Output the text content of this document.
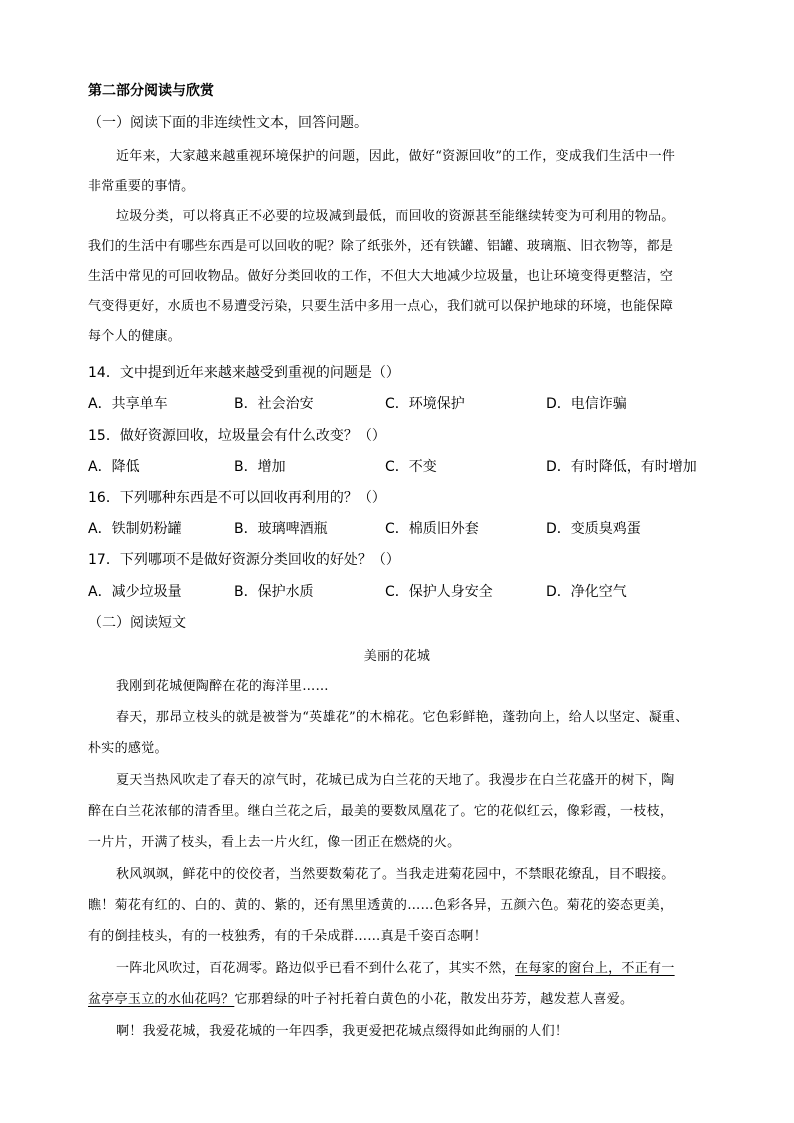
第二部分阅读与欣赏
（一）阅读下面的非连续性文本，回答问题。
近年来，大家越来越重视环境保护的问题，因此，做好“资源回收”的工作，变成我们生活中一件
非常重要的事情。
垃圾分类，可以将真正不必要的垃圾减到最低，而回收的资源甚至能继续转变为可利用的物品。
我们的生活中有哪些东西是可以回收的呢？除了纸张外，还有铁罐、铝罐、玻璃瓶、旧衣物等，都是
生活中常见的可回收物品。做好分类回收的工作，不但大大地减少垃圾量，也让环境变得更整洁，空
气变得更好，水质也不易遭受污染，只要生活中多用一点心，我们就可以保护地球的环境，也能保障
每个人的健康。
14．文中提到近年来越来越受到重视的问题是（）
A．共享单车	B．社会治安	C．环境保护	D．电信诈骗
15．做好资源回收，垃圾量会有什么改变？（）
A．降低	B．增加	C．不变	D．有时降低，有时增加
16．下列哪种东西是不可以回收再利用的？（）
A．铁制奶粉罐	B．玻璃啤酒瓶	C．棉质旧外套	D．变质臭鸡蛋
17．下列哪项不是做好资源分类回收的好处？（）
A．减少垃圾量	B．保护水质	C．保护人身安全	D．净化空气
（二）阅读短文
美丽的花城
我刚到花城便陶醉在花的海洋里……
春天，那昂立枝头的就是被誉为“英雄花”的木棉花。它色彩鲜艳，蓬勃向上，给人以坚定、凝重、
朴实的感觉。
夏天当热风吹走了春天的凉气时，花城已成为白兰花的天地了。我漫步在白兰花盛开的树下，陶
醉在白兰花浓郁的清香里。继白兰花之后，最美的要数凤凰花了。它的花似红云，像彩霞，一枝枝，
一片片，开满了枝头，看上去一片火红，像一团正在燃烧的火。
秋风飒飒，鲜花中的佼佼者，当然要数菊花了。当我走进菊花园中，不禁眼花缭乱，目不暇接。
瞧！菊花有红的、白的、黄的、紫的，还有黑里透黄的……色彩各异，五颜六色。菊花的姿态更美，
有的倒挂枝头，有的一枝独秀，有的千朵成群……真是千姿百态啊！
一阵北风吹过，百花凋零。路边似乎已看不到什么花了，其实不然，在每家的窗台上，不正有一
盆亭亭玉立的水仙花吗？它那碧绿的叶子衬托着白黄色的小花，散发出芬芳，越发惹人喜爱。
啊！我爱花城，我爱花城的一年四季，我更爱把花城点缀得如此绚丽的人们！
